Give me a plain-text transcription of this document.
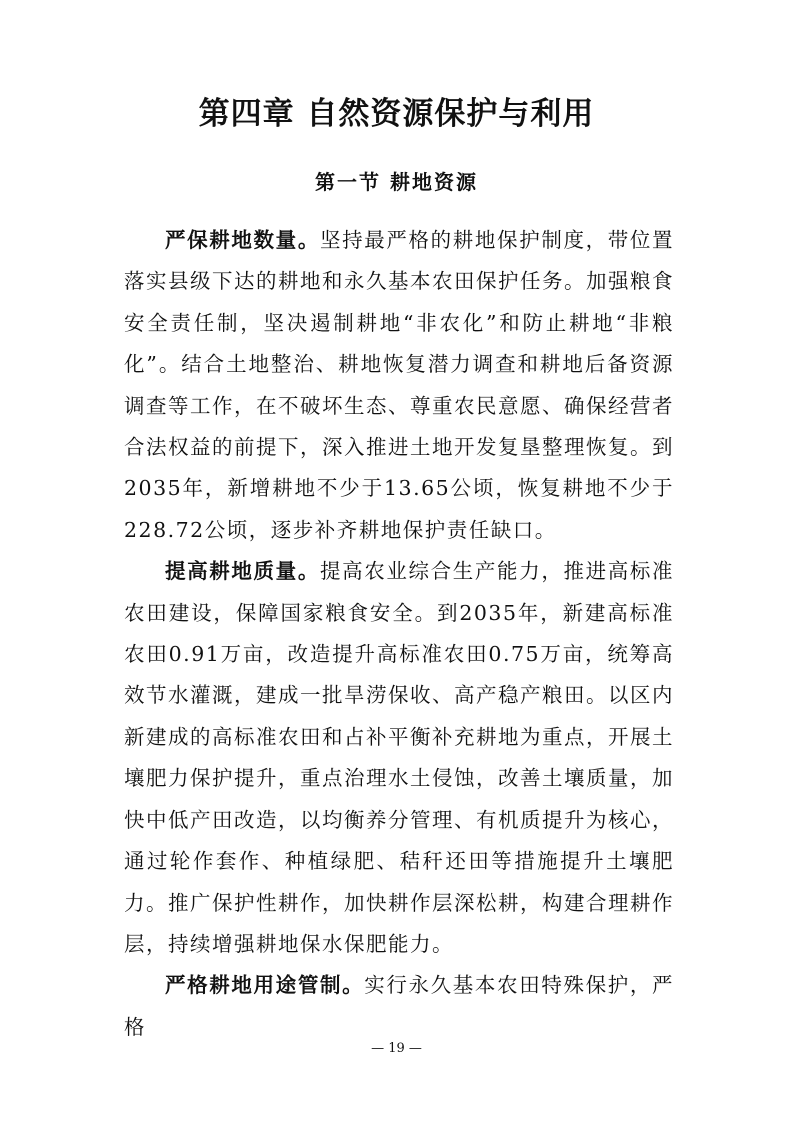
第四章 自然资源保护与利用
第一节 耕地资源

严保耕地数量。坚持最严格的耕地保护制度，带位置落实县级下达的耕地和永久基本农田保护任务。加强粮食安全责任制，坚决遏制耕地“非农化”和防止耕地“非粮化”。结合土地整治、耕地恢复潜力调查和耕地后备资源调查等工作，在不破坏生态、尊重农民意愿、确保经营者合法权益的前提下，深入推进土地开发复垦整理恢复。到2035年，新增耕地不少于13.65公顷，恢复耕地不少于228.72公顷，逐步补齐耕地保护责任缺口。

提高耕地质量。提高农业综合生产能力，推进高标准农田建设，保障国家粮食安全。到2035年，新建高标准农田0.91万亩，改造提升高标准农田0.75万亩，统筹高效节水灌溉，建成一批旱涝保收、高产稳产粮田。以区内新建成的高标准农田和占补平衡补充耕地为重点，开展土壤肥力保护提升，重点治理水土侵蚀，改善土壤质量，加快中低产田改造，以均衡养分管理、有机质提升为核心，通过轮作套作、种植绿肥、秸秆还田等措施提升土壤肥力。推广保护性耕作，加快耕作层深松耕，构建合理耕作层，持续增强耕地保水保肥能力。

严格耕地用途管制。实行永久基本农田特殊保护，严格

— 19 —
